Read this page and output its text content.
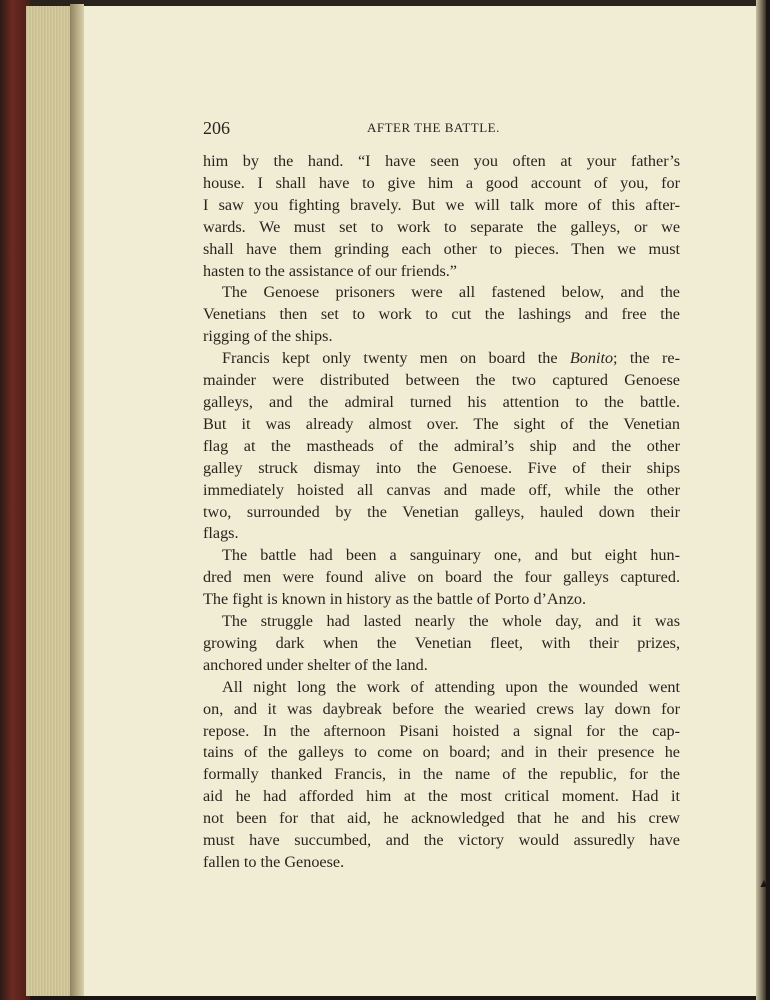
▲
206	AFTER THE BATTLE.

him by the hand. “I have seen you often at your father’s
house. I shall have to give him a good account of you, for
I saw you fighting bravely. But we will talk more of this after-
wards. We must set to work to separate the galleys, or we
shall have them grinding each other to pieces. Then we must
hasten to the assistance of our friends.”

The Genoese prisoners were all fastened below, and the
Venetians then set to work to cut the lashings and free the
rigging of the ships.

Francis kept only twenty men on board the Bonito; the re-
mainder were distributed between the two captured Genoese
galleys, and the admiral turned his attention to the battle.
But it was already almost over. The sight of the Venetian
flag at the mastheads of the admiral’s ship and the other
galley struck dismay into the Genoese. Five of their ships
immediately hoisted all canvas and made off, while the other
two, surrounded by the Venetian galleys, hauled down their
flags.

The battle had been a sanguinary one, and but eight hun-
dred men were found alive on board the four galleys captured.
The fight is known in history as the battle of Porto d’Anzo.

The struggle had lasted nearly the whole day, and it was
growing dark when the Venetian fleet, with their prizes,
anchored under shelter of the land.

All night long the work of attending upon the wounded went
on, and it was daybreak before the wearied crews lay down for
repose. In the afternoon Pisani hoisted a signal for the cap-
tains of the galleys to come on board; and in their presence he
formally thanked Francis, in the name of the republic, for the
aid he had afforded him at the most critical moment. Had it
not been for that aid, he acknowledged that he and his crew
must have succumbed, and the victory would assuredly have
fallen to the Genoese.
